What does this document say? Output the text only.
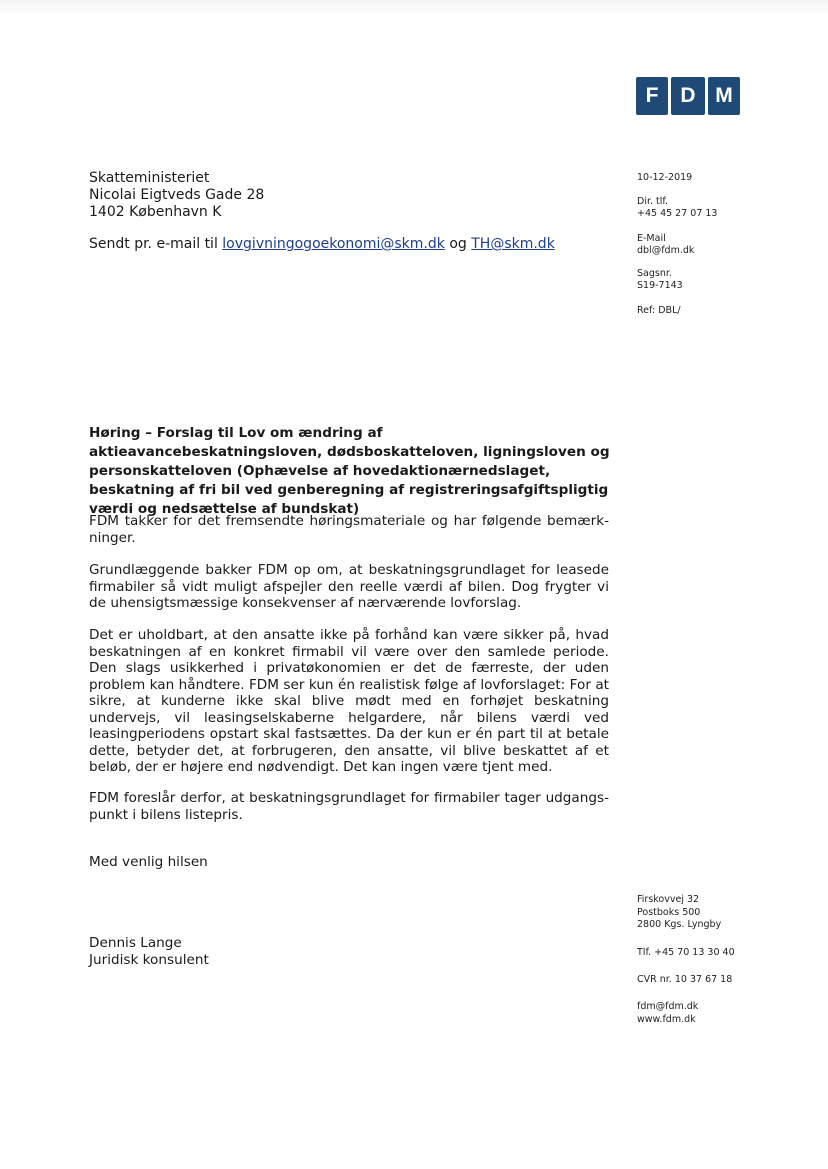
F	D M
Skatteministeriet
Nicolai Eigtveds Gade 28
1402 København K
Sendt pr. e-mail til lovgivningogoekonomi@skm.dk og TH@skm.dk
10-12-2019
Dir. tlf.
+45 45 27 07 13
E-Mail
dbl@fdm.dk
Sagsnr.
S19-7143
Ref: DBL/
Høring – Forslag til Lov om ændring af aktieavancebeskatningsloven, dødsboskatteloven, ligningsloven og personskatteloven (Ophævelse af hovedaktionærnedslaget, beskatning af fri bil ved genberegning af registreringsafgiftspligtig værdi og nedsættelse af bundskat)
FDM takker for det fremsendte høringsmateriale og har følgende bemærkninger.
Grundlæggende bakker FDM op om, at beskatningsgrundlaget for leasede firmabiler så vidt muligt afspejler den reelle værdi af bilen. Dog frygter vi de uhensigtsmæssige konsekvenser af nærværende lovforslag.
Det er uholdbart, at den ansatte ikke på forhånd kan være sikker på, hvad beskatningen af en konkret firmabil vil være over den samlede periode. Den slags usikkerhed i privatøkonomien er det de færreste, der uden problem kan håndtere. FDM ser kun én realistisk følge af lovforslaget: For at sikre, at kunderne ikke skal blive mødt med en forhøjet beskatning undervejs, vil leasingselskaberne helgardere, når bilens værdi ved leasingperiodens opstart skal fastsættes. Da der kun er én part til at betale dette, betyder det, at forbrugeren, den ansatte, vil blive beskattet af et beløb, der er højere end nødvendigt. Det kan ingen være tjent med.
FDM foreslår derfor, at beskatningsgrundlaget for firmabiler tager udgangspunkt i bilens listepris.
Med venlig hilsen
Dennis Lange
Juridisk konsulent
Firskovvej 32
Postboks 500
2800 Kgs. Lyngby
Tlf. +45 70 13 30 40
CVR nr. 10 37 67 18
fdm@fdm.dk
www.fdm.dk
